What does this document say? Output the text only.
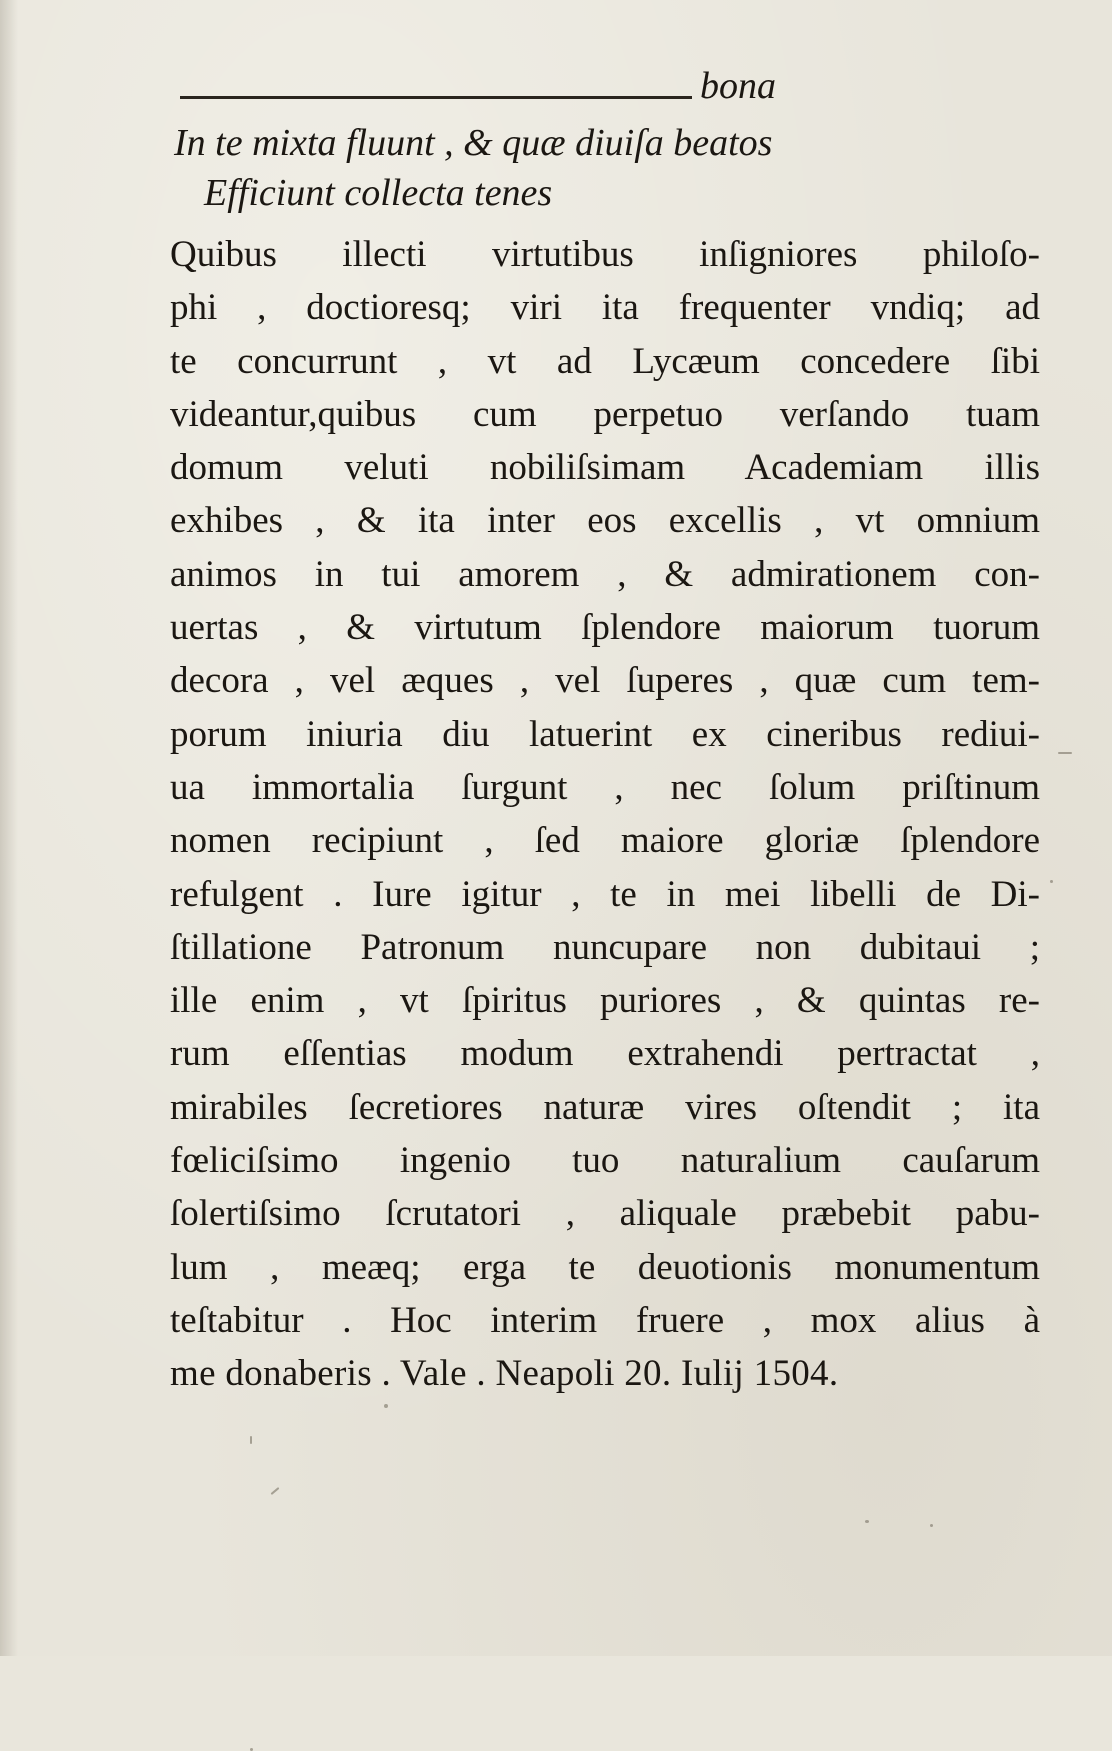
bona
In te mixta fluunt , & quæ diuiſa beatos
Efficiunt collecta tenes
Quibus illecti virtutibus inſigniores philoſo-
phi , doctioresq; viri ita frequenter vndiq; ad
te concurrunt , vt ad Lycæum concedere ſibi
videantur,quibus cum perpetuo verſando tuam
domum veluti nobiliſsimam Academiam illis
exhibes , & ita inter eos excellis , vt omnium
animos in tui amorem , & admirationem con-
uertas , & virtutum ſplendore maiorum tuorum
decora , vel æques , vel ſuperes , quæ cum tem-
porum iniuria diu latuerint ex cineribus rediui-
ua immortalia ſurgunt , nec ſolum priſtinum
nomen recipiunt , ſed maiore gloriæ ſplendore
refulgent . Iure igitur , te in mei libelli de Di-
ſtillatione Patronum nuncupare non dubitaui ;
ille enim , vt ſpiritus puriores , & quintas re-
rum eſſentias modum extrahendi pertractat ,
mirabiles ſecretiores naturæ vires oſtendit ; ita
fœliciſsimo ingenio tuo naturalium cauſarum
ſolertiſsimo ſcrutatori , aliquale præbebit pabu-
lum , meæq; erga te deuotionis monumentum
teſtabitur . Hoc interim fruere , mox alius à
me donaberis . Vale . Neapoli 20. Iulij 1504.
